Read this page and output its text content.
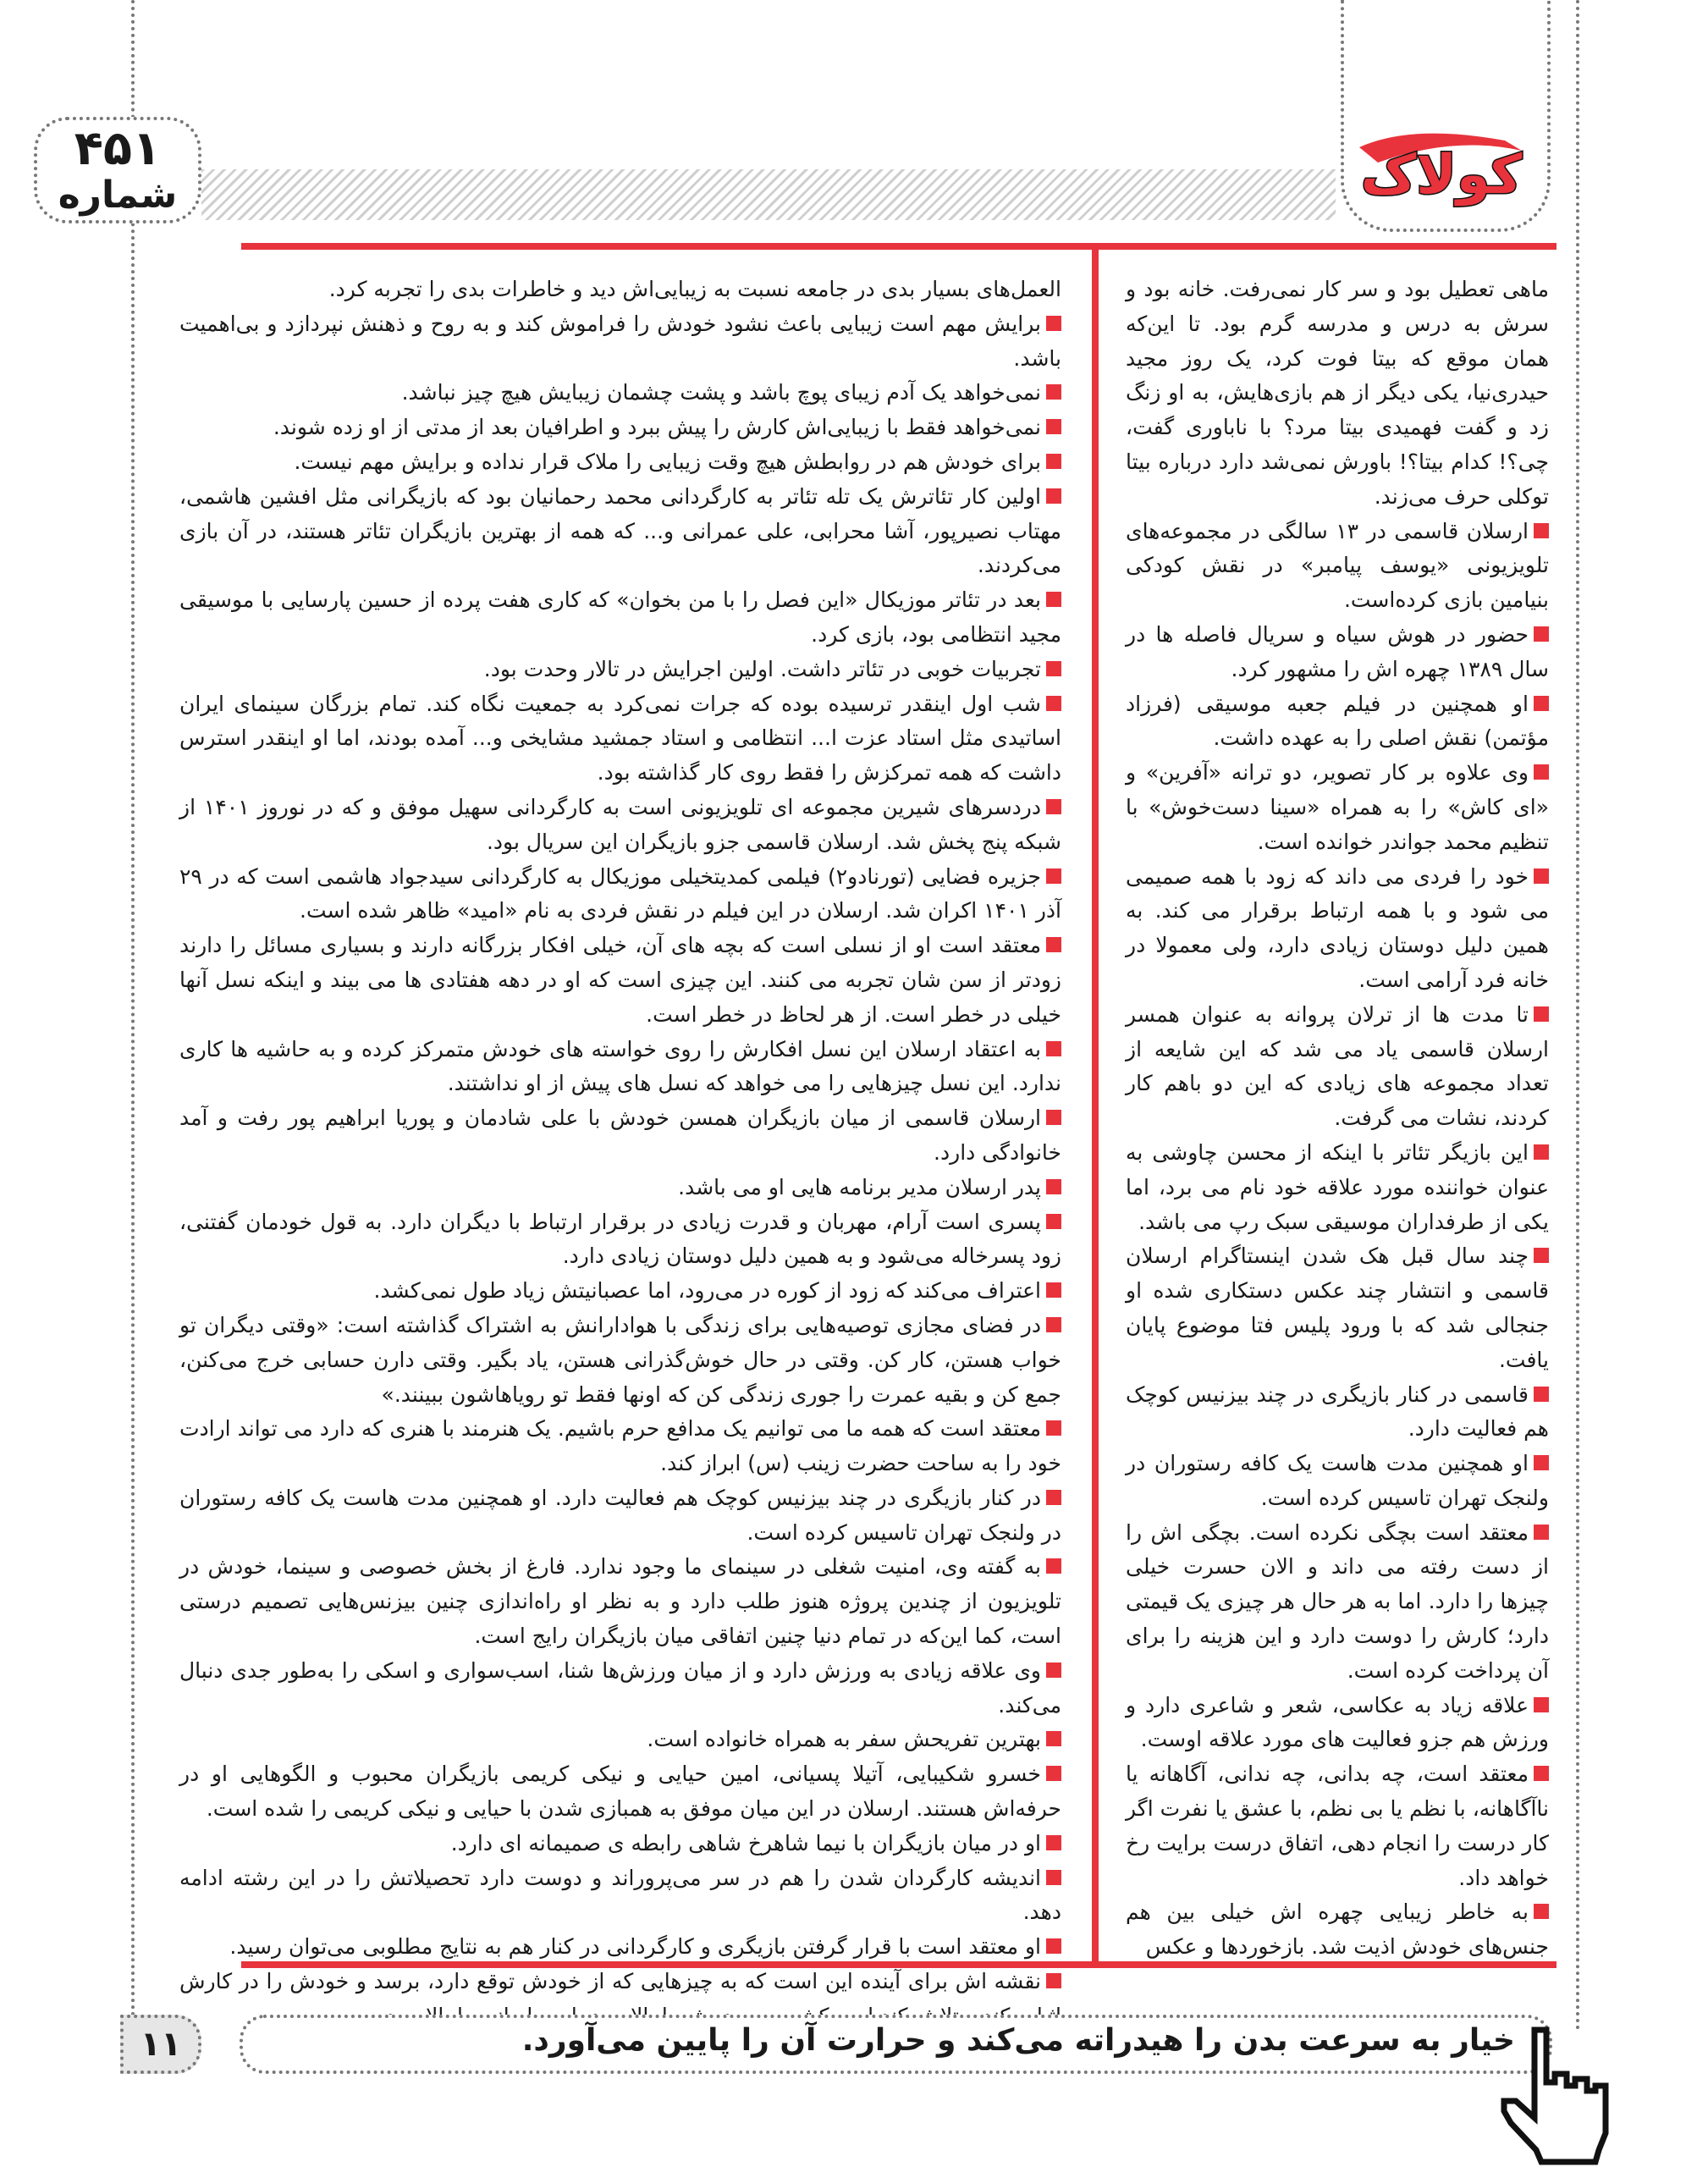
کولاک
۴۵۱
شماره

ماهی تعطیل بود و سر کار نمی‌رفت. خانه بود و سرش به درس و مدرسه گرم بود. تا این‌که همان موقع که بیتا فوت کرد، یک روز مجید حیدری‌نیا، یکی دیگر از هم بازی‌هایش، به او زنگ زد و گفت فهمیدی بیتا مرد؟ با ناباوری گفت، چی؟! کدام بیتا؟! باورش نمی‌شد دارد درباره بیتا توکلی حرف می‌زند.

ارسلان قاسمی در ۱۳ سالگی در مجموعه‌های تلویزیونی «یوسف پیامبر» در نقش کودکی بنیامین بازی کرده‌است.

حضور در هوش سیاه و سریال فاصله ها در سال ۱۳۸۹ چهره اش را مشهور کرد.

او همچنین در فیلم جعبه موسیقی (فرزاد مؤتمن) نقش اصلی را به عهده داشت.

وی علاوه بر کار تصویر، دو ترانه «آفرین» و «ای کاش» را به همراه «سینا دست‌خوش» با تنظیم محمد جواندر خوانده است.

خود را فردی می داند که زود با همه صمیمی می شود و با همه ارتباط برقرار می کند. به همین دلیل دوستان زیادی دارد، ولی معمولا در خانه فرد آرامی است.

تا مدت ها از ترلان پروانه به عنوان همسر ارسلان قاسمی یاد می شد که این شایعه از تعداد مجموعه های زیادی که این دو باهم کار کردند، نشات می گرفت.

این بازیگر تئاتر با اینکه از محسن چاوشی به عنوان خواننده مورد علاقه خود نام می برد، اما یکی از طرفداران موسیقی سبک رپ می باشد.

چند سال قبل هک شدن اینستاگرام ارسلان قاسمی و انتشار چند عکس دستکاری شده او جنجالی شد که با ورود پلیس فتا موضوع پایان یافت.

قاسمی در کنار بازیگری در چند بیزنیس کوچک هم فعالیت دارد.

او همچنین مدت هاست یک کافه رستوران در ولنجک تهران تاسیس کرده است.

معتقد است بچگی نکرده است. بچگی اش را از دست رفته می داند و الان حسرت خیلی چیزها را دارد. اما به هر حال هر چیزی یک قیمتی دارد؛ کارش را دوست دارد و این هزینه را برای آن پرداخت کرده است.

علاقه زیاد به عکاسی، شعر و شاعری دارد و ورزش هم جزو فعالیت های مورد علاقه اوست.

معتقد است، چه بدانی، چه ندانی، آگاهانه یا ناآگاهانه، با نظم یا بی نظم، با عشق یا نفرت اگر کار درست را انجام دهی، اتفاق درست برایت رخ خواهد داد.

به خاطر زیبایی چهره اش خیلی بین هم جنس‌های خودش اذیت شد. بازخوردها و عکس

العمل‌های بسیار بدی در جامعه نسبت به زیبایی‌اش دید و خاطرات بدی را تجربه کرد.

برایش مهم است زیبایی باعث نشود خودش را فراموش کند و به روح و ذهنش نپردازد و بی‌اهمیت باشد.

نمی‌خواهد یک آدم زیبای پوچ باشد و پشت چشمان زیبایش هیچ چیز نباشد.

نمی‌خواهد فقط با زیبایی‌اش کارش را پیش ببرد و اطرافیان بعد از مدتی از او زده شوند.

برای خودش هم در روابطش هیچ وقت زیبایی را ملاک قرار نداده و برایش مهم نیست.

اولین کار تئاترش یک تله تئاتر به کارگردانی محمد رحمانیان بود که بازیگرانی مثل افشین هاشمی، مهتاب نصیرپور، آشا محرابی، علی عمرانی و... که همه از بهترین بازیگران تئاتر هستند، در آن بازی می‌کردند.

بعد در تئاتر موزیکال «این فصل را با من بخوان» که کاری هفت پرده از حسین پارسایی با موسیقی مجید انتظامی بود، بازی کرد.

تجربیات خوبی در تئاتر داشت. اولین اجرایش در تالار وحدت بود.

شب اول اینقدر ترسیده بوده که جرات نمی‌کرد به جمعیت نگاه کند. تمام بزرگان سینمای ایران اساتیدی مثل استاد عزت ا... انتظامی و استاد جمشید مشایخی و... آمده بودند، اما او اینقدر استرس داشت که همه تمرکزش را فقط روی کار گذاشته بود.

دردسرهای شیرین مجموعه ای تلویزیونی است به کارگردانی سهیل موفق و که در نوروز ۱۴۰۱ از شبکه پنج پخش شد. ارسلان قاسمی جزو بازیگران این سریال بود.

جزیره فضایی (تورنادو۲) فیلمی کمدیتخیلی موزیکال به کارگردانی سیدجواد هاشمی است که در ۲۹ آذر ۱۴۰۱ اکران شد. ارسلان در این فیلم در نقش فردی به نام «امید» ظاهر شده است.

معتقد است او از نسلی است که بچه های آن، خیلی افکار بزرگانه دارند و بسیاری مسائل را دارند زودتر از سن شان تجربه می کنند. این چیزی است که او در دهه هفتادی ها می بیند و اینکه نسل آنها خیلی در خطر است. از هر لحاظ در خطر است.

به اعتقاد ارسلان این نسل افکارش را روی خواسته های خودش متمرکز کرده و به حاشیه ها کاری ندارد. این نسل چیزهایی را می خواهد که نسل های پیش از او نداشتند.

ارسلان قاسمی از میان بازیگران همسن خودش با علی شادمان و پوریا ابراهیم پور رفت و آمد خانوادگی دارد.

پدر ارسلان مدیر برنامه هایی او می باشد.

پسری است آرام، مهربان و قدرت زیادی در برقرار ارتباط با دیگران دارد. به قول خودمان گفتنی، زود پسرخاله می‌شود و به همین دلیل دوستان زیادی دارد.

اعتراف می‌کند که زود از کوره در می‌رود، اما عصبانیتش زیاد طول نمی‌کشد.

در فضای مجازی توصیه‌هایی برای زندگی با هوادارانش به اشتراک گذاشته است: «وقتی دیگران تو خواب هستن، کار کن. وقتی در حال خوش‌گذرانی هستن، یاد بگیر. وقتی دارن حسابی خرج می‌کنن، جمع کن و بقیه عمرت را جوری زندگی کن که اونها فقط تو رویاهاشون ببینند.»

معتقد است که همه ما می توانیم یک مدافع حرم باشیم. یک هنرمند با هنری که دارد می تواند ارادت خود را به ساحت حضرت زینب (س) ابراز کند.

در کنار بازیگری در چند بیزنیس کوچک هم فعالیت دارد. او همچنین مدت هاست یک کافه رستوران در ولنجک تهران تاسیس کرده است.

به گفته وی، امنیت شغلی در سینمای ما وجود ندارد. فارغ از بخش خصوصی و سینما، خودش در تلویزیون از چندین پروژه هنوز طلب دارد و به نظر او راه‌اندازی چنین بیزنس‌هایی تصمیم درستی است، کما این‌که در تمام دنیا چنین اتفاقی میان بازیگران رایج است.

وی علاقه زیادی به ورزش دارد و از میان ورزش‌ها شنا، اسب‌سواری و اسکی را به‌طور جدی دنبال می‌کند.

بهترین تفریحش سفر به همراه خانواده است.

خسرو شکیبایی، آتیلا پسیانی، امین حیایی و نیکی کریمی بازیگران محبوب و الگوهایی او در حرفه‌اش هستند. ارسلان در این میان موفق به همبازی شدن با حیایی و نیکی کریمی را شده است.

او در میان بازیگران با نیما شاهرخ شاهی رابطه ی صمیمانه ای دارد.

اندیشه کارگردان شدن را هم در سر می‌پروراند و دوست دارد تحصیلاتش را در این رشته ادامه دهد.

او معتقد است با قرار گرفتن بازیگری و کارگردانی در کنار هم به نتایج مطلوبی می‌توان رسید.

نقشه اش برای آینده این است که به چیزهایی که از خودش توقع دارد، برسد و خودش را در کارش

خیار به سرعت بدن را هیدراته می‌کند و حرارت آن را پایین می‌آورد.
۱۱
